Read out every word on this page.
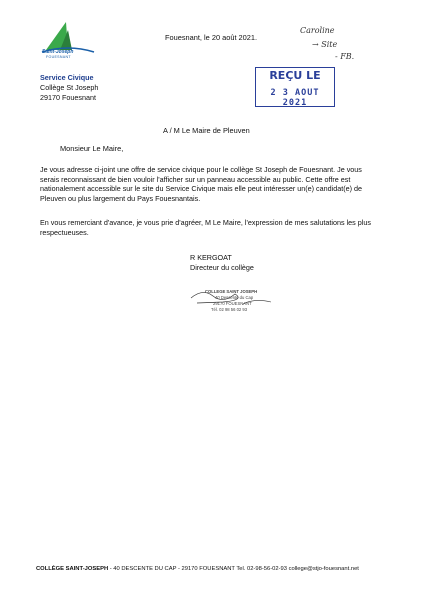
Saint-Joseph
FOUESNANT
Fouesnant, le 20 août 2021.
Caroline
→ Site
- FB.
Service Civique
Collège St Joseph
29170 Fouesnant
REÇU LE
2 3 AOUT 2021
A / M Le Maire de Pleuven
Monsieur Le Maire,
Je vous adresse ci-joint une offre de service civique pour le collège St Joseph de Fouesnant. Je vous serais reconnaissant de bien vouloir l'afficher sur un panneau accessible au public. Cette offre est nationalement accessible sur le site du Service Civique mais elle peut intéresser un(e) candidat(e) de Pleuven ou plus largement du Pays Fouesnantais.
En vous remerciant d'avance, je vous prie d'agréer, M Le Maire, l'expression de mes salutations les plus respectueuses.
R KERGOAT
Directeur du collège
COLLEGE SAINT JOSEPH
40 Descente du Cap
29170 FOUESNANT
Tél. 02 98 56 02 93
COLLÈGE SAINT-JOSEPH - 40 DESCENTE DU CAP - 29170 FOUESNANT Tel. 02-98-56-02-93 college@stjo-fouesnant.net
